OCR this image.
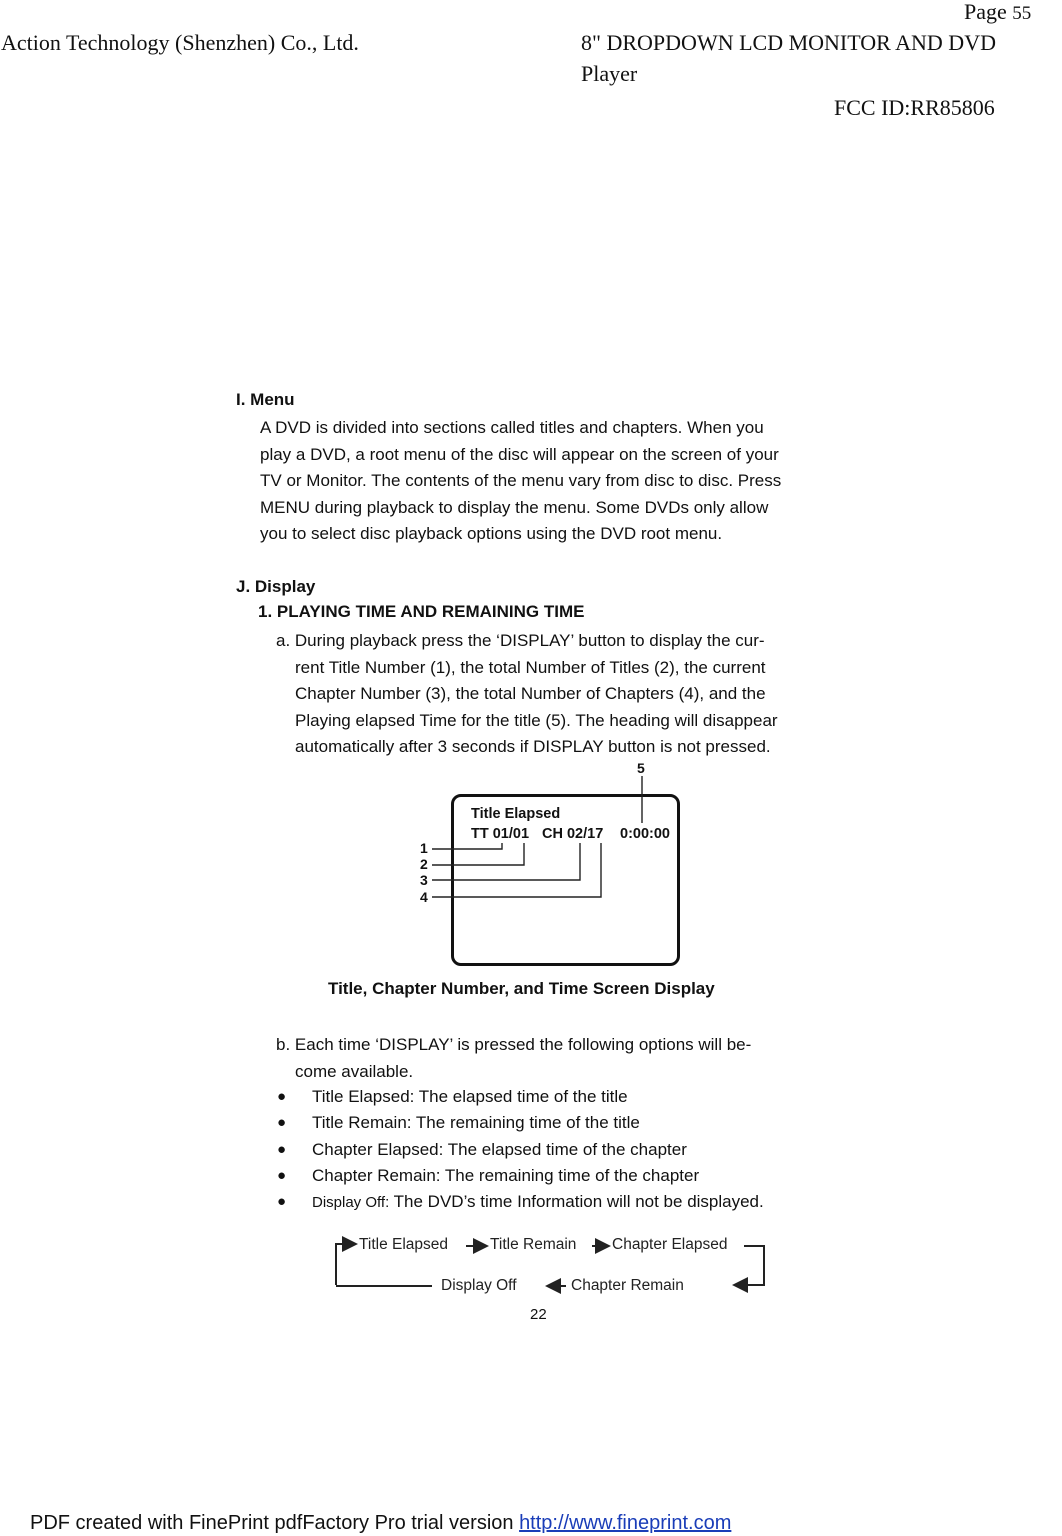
Page 55
Action Technology (Shenzhen) Co., Ltd.	8" DROPDOWN LCD MONITOR AND DVD
Player
FCC ID:RR85806
I. Menu
A DVD is divided into sections called titles and chapters. When you
play a DVD, a root menu of the disc will appear on the screen of your
TV or Monitor. The contents of the menu vary from disc to disc. Press
MENU during playback to display the menu. Some DVDs only allow
you to select disc playback options using the DVD root menu.
J. Display
1. PLAYING TIME AND REMAINING TIME
a. During playback press the ‘DISPLAY’ button to display the cur-
rent Title Number (1), the total Number of Titles (2), the current
Chapter Number (3), the total Number of Chapters (4), and the
Playing elapsed Time for the title (5). The heading will disappear
automatically after 3 seconds if DISPLAY button is not pressed.
Title Elapsed
TT 01/01 CH 02/17 0:00:00
1
2
3
4
5
Title, Chapter Number, and Time Screen Display
b. Each time ‘DISPLAY’ is pressed the following options will be-
come available.
● Title Elapsed: The elapsed time of the title
● Title Remain: The remaining time of the title
● Chapter Elapsed: The elapsed time of the chapter
● Chapter Remain: The remaining time of the chapter
● Display Off: The DVD’s time Information will not be displayed.
Title Elapsed	Title Remain Chapter Elapsed
Display Off	Chapter Remain
22
PDF created with FinePrint pdfFactory Pro trial version http://www.fineprint.com
